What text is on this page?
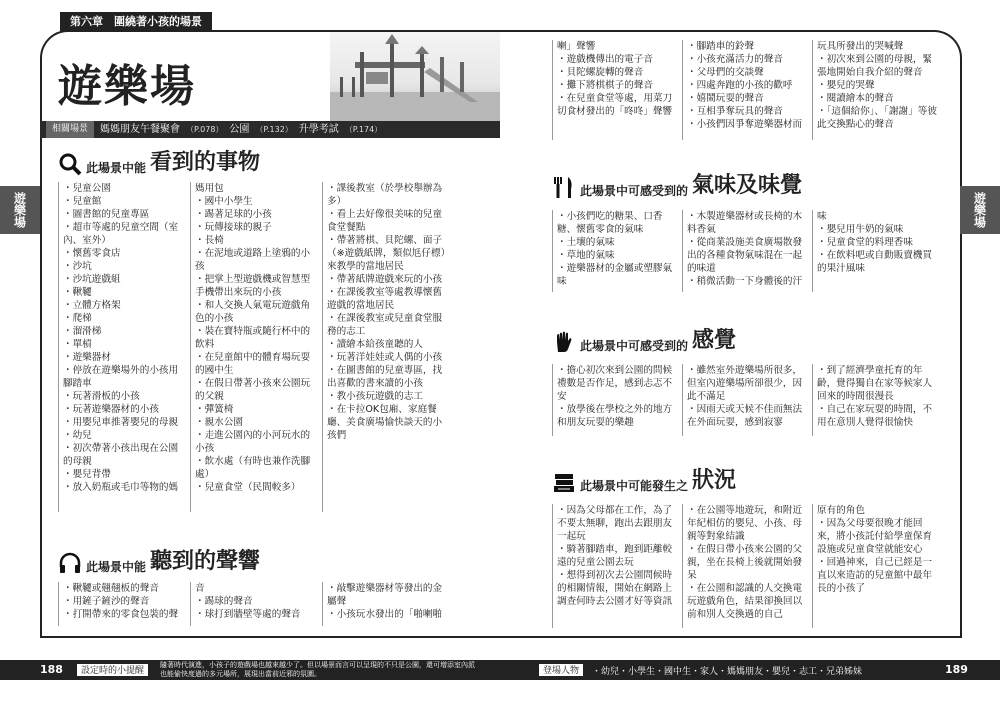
第六章　圍繞著小孩的場景
遊樂場
相關場景	媽媽朋友午餐聚會 （P.078） 公園 （P.132） 升學考試 （P.174）
遊樂場	遊樂場
此場景中能 看到的事物

・兒童公園

・兒童館

・圖書館的兒童專區

・超市等處的兒童空間（室內、室外）

・懷舊零食店

・沙坑

・沙坑遊戲組

・鞦韆

・立體方格架

・爬梯

・溜滑梯

・單槓

・遊樂器材

・停放在遊樂場外的小孩用腳踏車

・玩著滑板的小孩

・玩著遊樂器材的小孩

・用嬰兒車推著嬰兒的母親

・幼兒

・初次帶著小孩出現在公園的母親

・嬰兒背帶

・放入奶瓶或毛巾等物的媽

媽用包

・國中小學生

・踢著足球的小孩

・玩傳接球的親子

・長椅

・在泥地或道路上塗鴉的小孩

・把掌上型遊戲機或智慧型手機帶出來玩的小孩

・和人交換人氣電玩遊戲角色的小孩

・裝在寶特瓶或隨行杯中的飲料

・在兒童館中的體育場玩耍的國中生

・在假日帶著小孩來公園玩的父親

・彈簧椅

・親水公園

・走進公園內的小河玩水的小孩

・飲水處（有時也兼作洗腳處）

・兒童食堂（民間較多）

・課後教室（於學校舉辦為多）

・看上去好像很美味的兒童食堂餐點

・帶著將棋、貝陀螺、面子（※遊戲紙牌，類似尪仔標）來教學的當地居民

・帶著紙牌遊戲來玩的小孩

・在課後教室等處教導懷舊遊戲的當地居民

・在課後教室或兒童食堂服務的志工

・讀繪本給孩童聽的人

・玩著洋娃娃或人偶的小孩

・在圖書館的兒童專區，找出喜歡的書來讀的小孩

・教小孩玩遊戲的志工

・在卡拉OK包廂、家庭餐廳、美食廣場愉快談天的小孩們

此場景中能 聽到的聲響

・鞦韆或翹翹板的聲音

・用鏟子鏟沙的聲音

・打開帶來的零食包裝的聲

音

・踢球的聲音

・球打到牆壁等處的聲音

・敲擊遊樂器材等發出的金屬聲

・小孩玩水發出的「啪喇啪

喇」聲響

・遊戲機傳出的電子音

・貝陀螺旋轉的聲音

・攤下將棋棋子的聲音

・在兒童食堂等處，用菜刀切食材發出的「咚咚」聲響

・腳踏車的鈴聲

・小孩充滿活力的聲音

・父母們的交談聲

・四處奔跑的小孩的歡呼

・嬉鬧玩耍的聲音

・互相爭奪玩具的聲音

・小孩們因爭奪遊樂器材而

玩具所發出的哭喊聲

・初次來到公園的母親，緊張地開始自我介紹的聲音

・嬰兒的哭聲

・閱讀繪本的聲音

・「這個給你」、「謝謝」等彼此交換點心的聲音

此場景中可感受到的 氣味及味覺

・小孩們吃的糖果、口香糖、懷舊零食的氣味

・土壤的氣味

・草地的氣味

・遊樂器材的金屬或塑膠氣味

・木製遊樂器材或長椅的木料香氣

・從商業設施美食廣場散發出的各種食物氣味混在一起的味道

・稍微活動一下身體後的汗

味

・嬰兒用牛奶的氣味

・兒童食堂的料理香味

・在飲料吧或自動販賣機買的果汁風味

此場景中可感受到的 感覺

・擔心初次來到公園的問候禮數是否作足，感到忐忑不安

・放學後在學校之外的地方和朋友玩耍的樂趣

・雖然室外遊樂場所很多，但室內遊樂場所卻很少，因此不滿足

・因雨天或天候不佳而無法在外面玩耍，感到寂寥

・到了經濟學童托育的年齡，覺得獨自在家等候家人回來的時間很漫長

・自己在家玩耍的時間，不用在意別人覺得很愉快

此場景中可能發生之 狀況

・因為父母都在工作，為了不要太無聊，跑出去跟朋友一起玩

・騎著腳踏車，跑到距離較遠的兒童公園去玩

・想得到初次去公園問候時的相關情報，開始在網路上調查何時去公園才好等資訊

・在公園等地遊玩，和附近年紀相仿的嬰兒、小孩、母親等對象結識

・在假日帶小孩來公園的父親，坐在長椅上後就開始發呆

・在公園和認識的人交換電玩遊戲角色，結果卻換回以前和別人交換過的自己

原有的角色

・因為父母要很晚才能回來，將小孩託付給學童保育設施或兒童食堂就能安心

・回過神來，自己已經是一直以來造訪的兒童館中最年長的小孩了

188	189
設定時的小提醒
隨著時代演進，小孩子的遊戲場也越來越少了。但以場景而言可以呈現的不只是公園，還可增添室內派也能偷快度過的多元場所，展現出當前近邪的氛圍。	登場人物	・幼兒・小學生・國中生・家人・媽媽朋友・嬰兒・志工・兄弟姊妹
